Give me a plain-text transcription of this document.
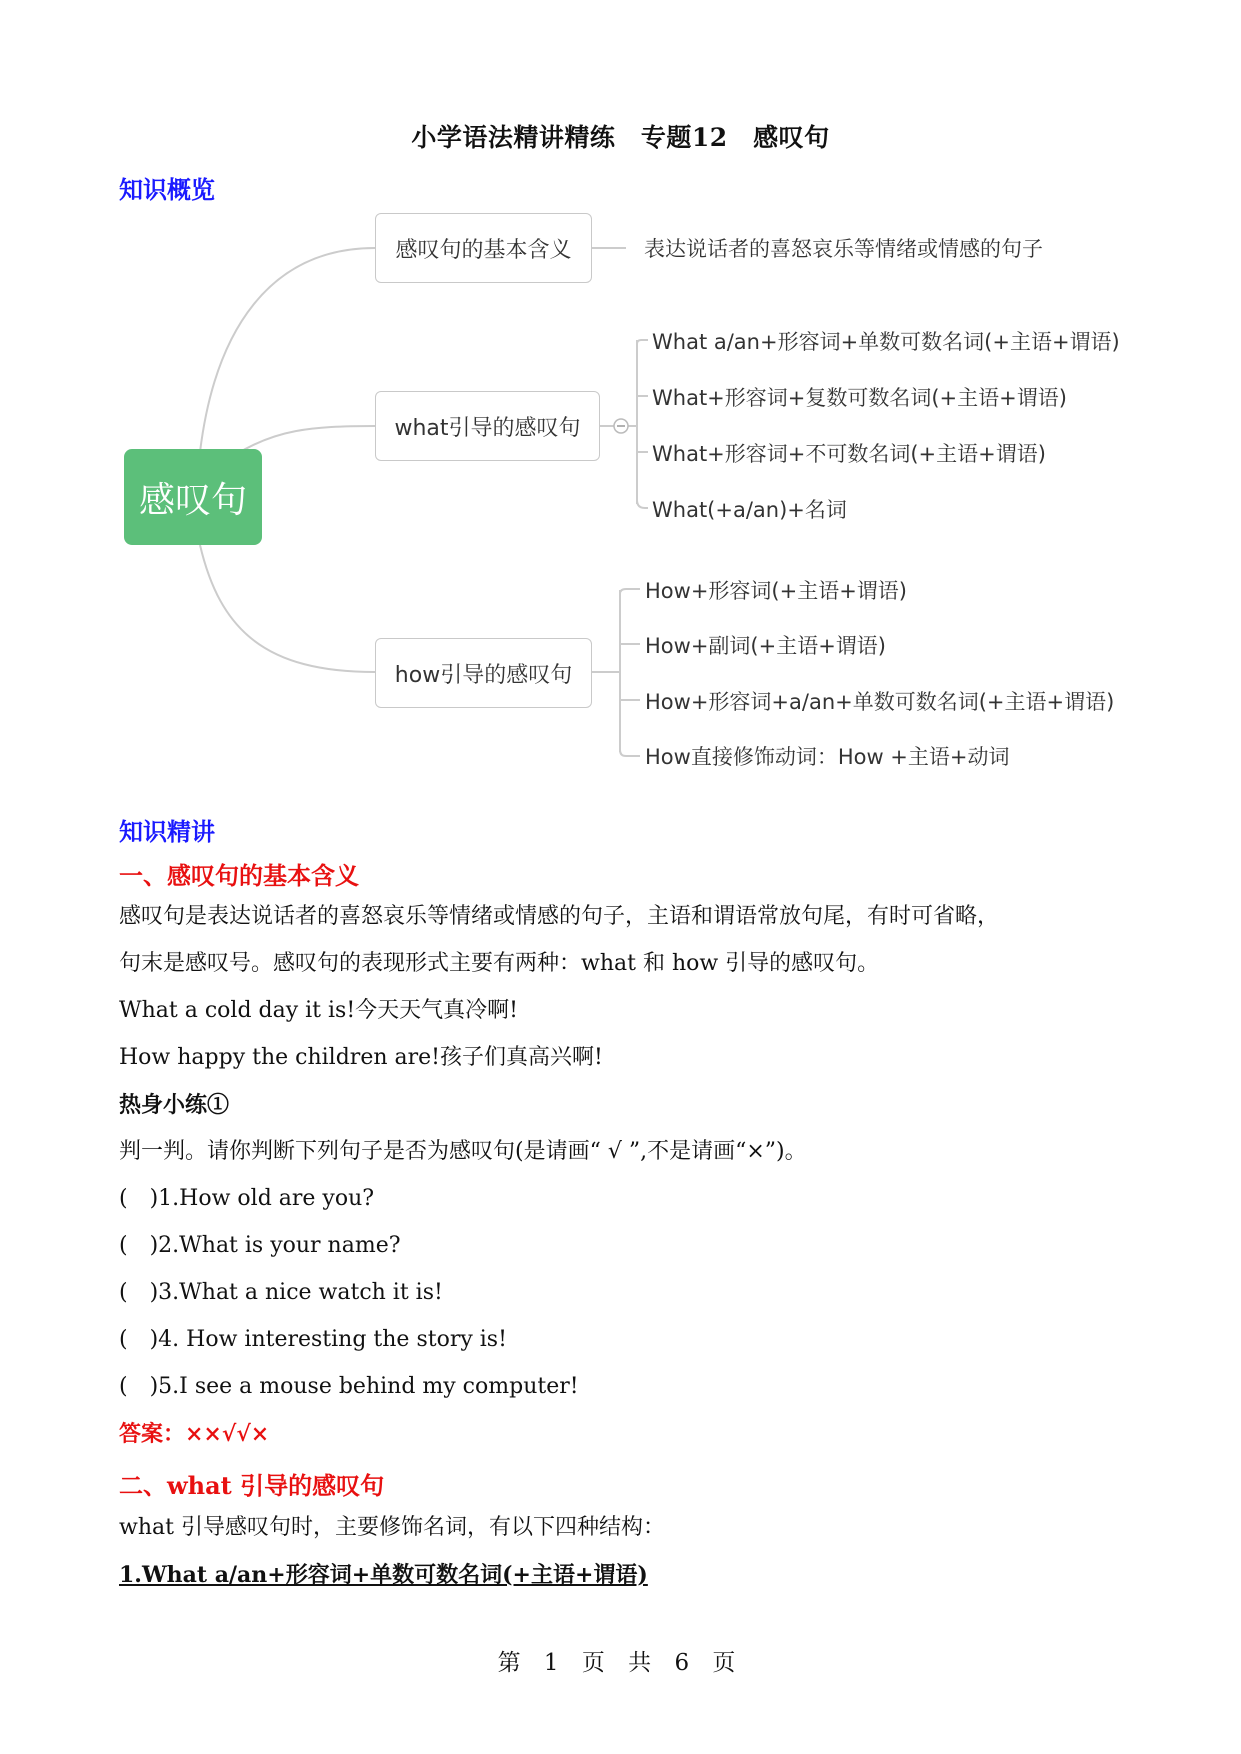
小学语法精讲精练　专题12　感叹句
知识概览
感叹句
感叹句的基本含义	表达说话者的喜怒哀乐等情绪或情感的句子
what引导的感叹句
What a/an+形容词+单数可数名词(+主语+谓语)
What+形容词+复数可数名词(+主语+谓语)
What+形容词+不可数名词(+主语+谓语)
What(+a/an)+名词
how引导的感叹句
How+形容词(+主语+谓语)
How+副词(+主语+谓语)
How+形容词+a/an+单数可数名词(+主语+谓语)
How直接修饰动词：How +主语+动词
知识精讲
一、感叹句的基本含义
感叹句是表达说话者的喜怒哀乐等情绪或情感的句子，主语和谓语常放句尾，有时可省略，
句末是感叹号。感叹句的表现形式主要有两种：what 和 how 引导的感叹句。
What a cold day it is!今天天气真冷啊!
How happy the children are!孩子们真高兴啊!
热身小练①
判一判。请你判断下列句子是否为感叹句(是请画“ √ ”,不是请画“×”)。
(　)1.How old are you?
(　)2.What is your name?
(　)3.What a nice watch it is!
(　)4. How interesting the story is!
(　)5.I see a mouse behind my computer!
答案：××√√×
二、what 引导的感叹句
what 引导感叹句时，主要修饰名词，有以下四种结构：
1.What a/an+形容词+单数可数名词(+主语+谓语)
第 1 页 共 6 页
